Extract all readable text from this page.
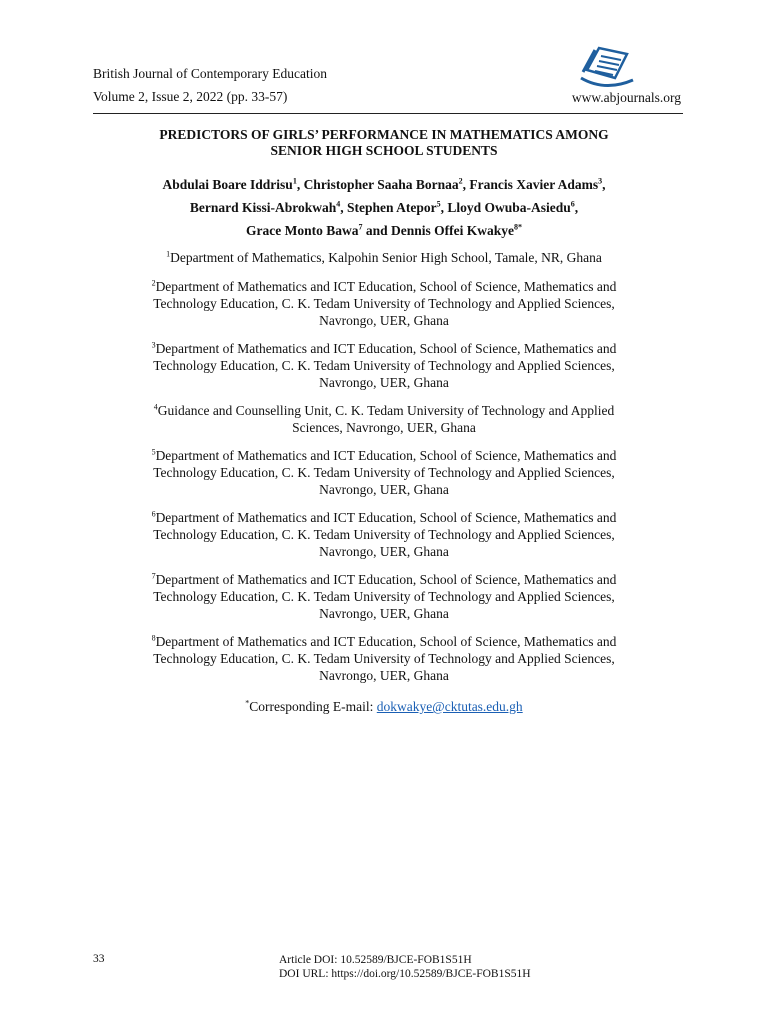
British Journal of Contemporary Education
Volume 2, Issue 2, 2022 (pp. 33-57)	www.abjournals.org
PREDICTORS OF GIRLS’ PERFORMANCE IN MATHEMATICS AMONG
SENIOR HIGH SCHOOL STUDENTS
Abdulai Boare Iddrisu$^1$, Christopher Saaha Bornaa$^2$, Francis Xavier Adams$^3$,
Bernard Kissi-Abrokwah$^4$, Stephen Atepor$^5$, Lloyd Owuba-Asiedu$^6$,
Grace Monto Bawa$^7$ and Dennis Offei Kwakye$^{8*}$
$^1$Department of Mathematics, Kalpohin Senior High School, Tamale, NR, Ghana
$^2$Department of Mathematics and ICT Education, School of Science, Mathematics and
Technology Education, C. K. Tedam University of Technology and Applied Sciences,
Navrongo, UER, Ghana
$^3$Department of Mathematics and ICT Education, School of Science, Mathematics and
Technology Education, C. K. Tedam University of Technology and Applied Sciences,
Navrongo, UER, Ghana
$^4$Guidance and Counselling Unit, C. K. Tedam University of Technology and Applied
Sciences, Navrongo, UER, Ghana
$^5$Department of Mathematics and ICT Education, School of Science, Mathematics and
Technology Education, C. K. Tedam University of Technology and Applied Sciences,
Navrongo, UER, Ghana
$^6$Department of Mathematics and ICT Education, School of Science, Mathematics and
Technology Education, C. K. Tedam University of Technology and Applied Sciences,
Navrongo, UER, Ghana
$^7$Department of Mathematics and ICT Education, School of Science, Mathematics and
Technology Education, C. K. Tedam University of Technology and Applied Sciences,
Navrongo, UER, Ghana
$^8$Department of Mathematics and ICT Education, School of Science, Mathematics and
Technology Education, C. K. Tedam University of Technology and Applied Sciences,
Navrongo, UER, Ghana
*Corresponding E-mail: dokwakye@cktutas.edu.gh
33	Article DOI: 10.52589/BJCE-FOB1S51H
DOI URL: https://doi.org/10.52589/BJCE-FOB1S51H
